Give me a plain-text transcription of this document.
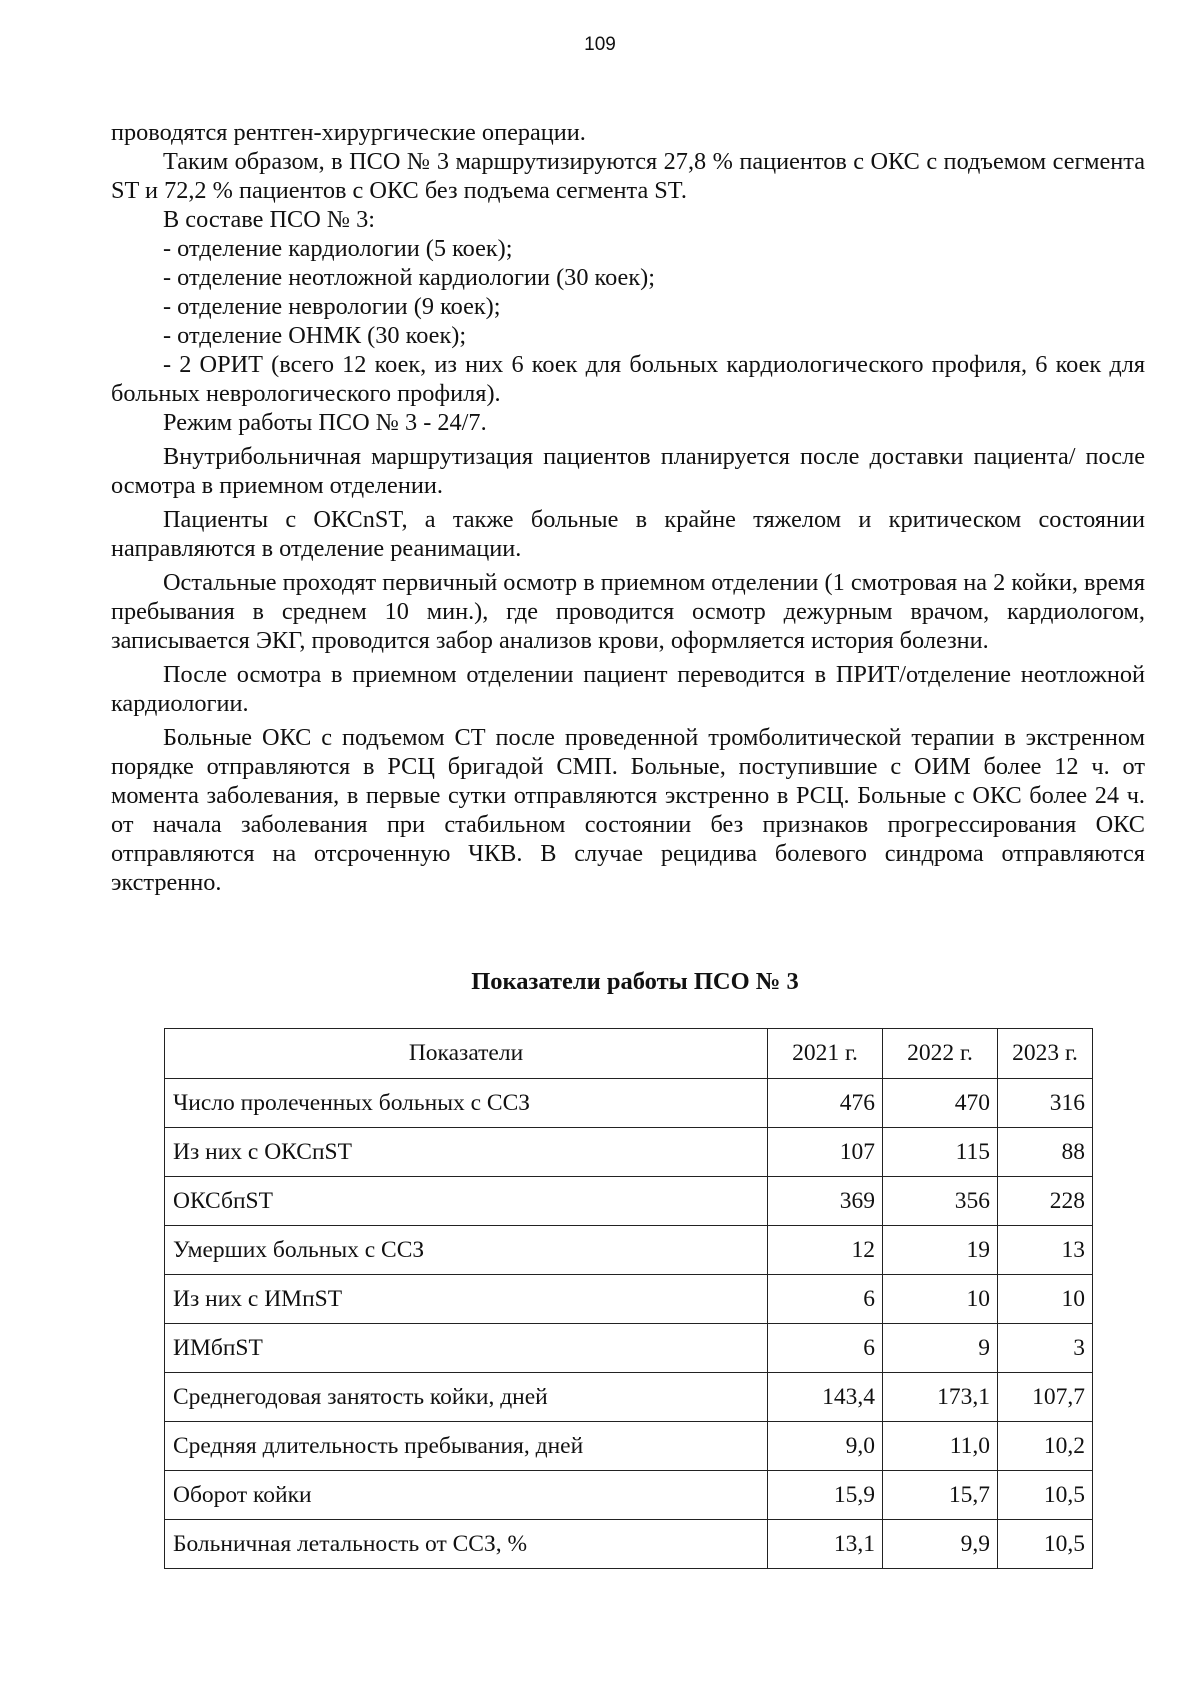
109

проводятся рентген-хирургические операции.

Таким образом, в ПСО № 3 маршрутизируются 27,8 % пациентов с ОКС с подъемом сегмента ST и 72,2 % пациентов с ОКС без подъема сегмента ST.

В составе ПСО № 3:

- отделение кардиологии (5 коек);

- отделение неотложной кардиологии (30 коек);

- отделение неврологии (9 коек);

- отделение ОНМК (30 коек);

- 2 ОРИТ (всего 12 коек, из них 6 коек для больных кардиологического профиля, 6 коек для больных неврологического профиля).

Режим работы ПСО № 3 - 24/7.

Внутрибольничная маршрутизация пациентов планируется после доставки пациента/ после осмотра в приемном отделении.

Пациенты с ОКСnST, а также больные в крайне тяжелом и критическом состоянии направляются в отделение реанимации.

Остальные проходят первичный осмотр в приемном отделении (1 смотровая на 2 койки, время пребывания в среднем 10 мин.), где проводится осмотр дежурным врачом, кардиологом, записывается ЭКГ, проводится забор анализов крови, оформляется история болезни.

После осмотра в приемном отделении пациент переводится в ПРИТ/отделение неотложной кардиологии.

Больные ОКС с подъемом СТ после проведенной тромболитической терапии в экстренном порядке отправляются в РСЦ бригадой СМП. Больные, поступившие с ОИМ более 12 ч. от момента заболевания, в первые сутки отправляются экстренно в РСЦ. Больные с ОКС более 24 ч. от начала заболевания при стабильном состоянии без признаков прогрессирования ОКС отправляются на отсроченную ЧКВ. В случае рецидива болевого синдрома отправляются экстренно.

Показатели работы ПСО № 3
Показатели	2021 г.	2022 г.	2023 г.
Число пролеченных больных с ССЗ	476	470	316
Из них с ОКСпST	107	115	88
ОКСбпST	369	356	228
Умерших больных с ССЗ	12	19	13
Из них с ИМпST	6	10	10
ИМбпST	6	9	3
Среднегодовая занятость койки, дней	143,4	173,1	107,7
Средняя длительность пребывания, дней	9,0	11,0	10,2
Оборот койки	15,9	15,7	10,5
Больничная летальность от ССЗ, %	13,1	9,9	10,5
